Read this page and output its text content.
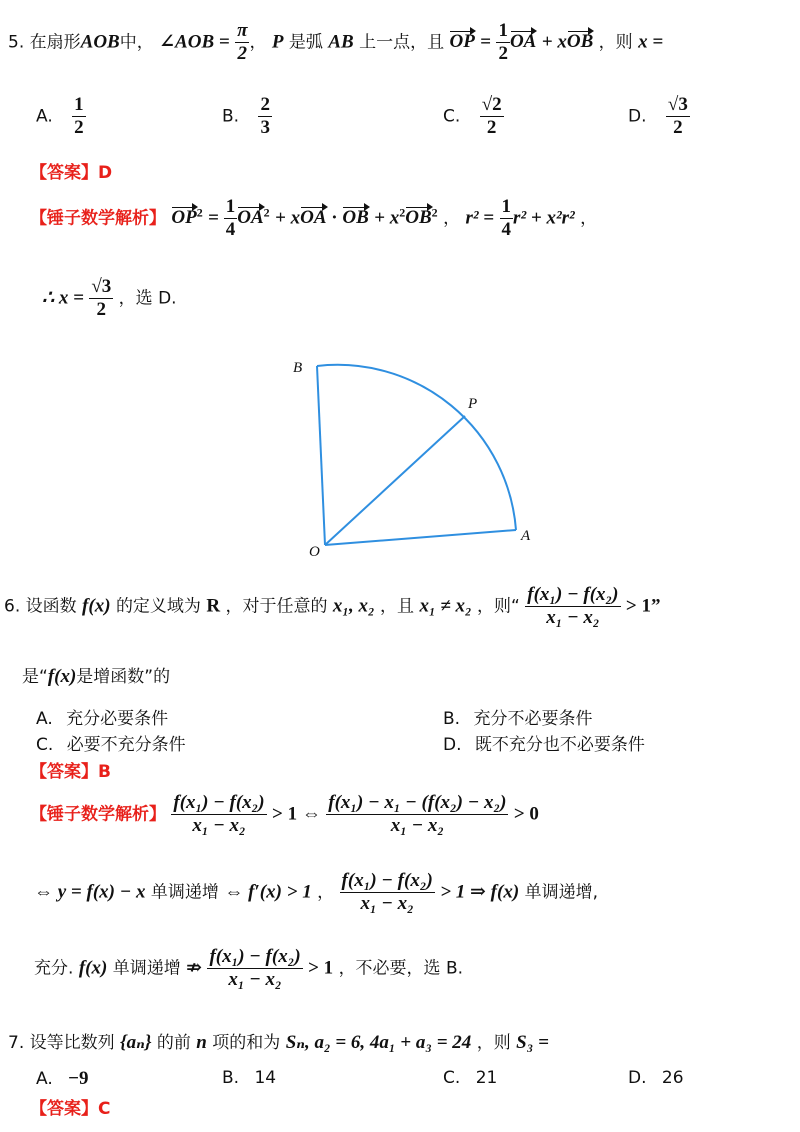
5. 在扇形AOB中， ∠AOB = $\frac{\pi}{2}$ ， P 是弧 AB 上一点，且 OP = $\frac{1}{2}$ OA + xOB ，则 x =
A. $\frac{1}{2}$	B. $\frac{2}{3}$	C. $\frac{√2}{2}$	D. $\frac{√3}{2}$
【答案】D
【锤子数学解析】 $OP^2 = \frac{1}{4} OA^2$ + xOA · OB + $x^2OB^2$ ， $r^2 = \frac{1}{4} r^2 + x^2r^2$ ，
∴ $x = \frac{√3}{2}$ ，选 D.
B
P
O
A
6. 设函数 f(x) 的定义域为 R ，对于任意的 x₁, x₂ ，且 x₁ ≠ x₂ ，则“ $\frac{\text{f(x₁) − f(x₂)}}{\text{x₁ − x₂}} > 1$”
是“f(x)是增函数”的
A. 充分必要条件	B. 充分不必要条件
C. 必要不充分条件	D. 既不充分也不必要条件
【答案】B
【锤子数学解析】 $\frac{\text{f(x₁) − f(x₂)}}{\text{x₁ − x₂}} > 1$ ⇔ $\frac{\text{f(x₁) − x₁ − (f(x₂) − x₂)}}{\text{x₁ − x₂}} > 0$
⇔ y = f(x) − x 单调递增 ⇔ f′(x) > 1 ， $\frac{\text{f(x₁) − f(x₂)}}{\text{x₁ − x₂}} > 1$ ⇒ f(x) 单调递增,
充分. f(x) 单调递增 ⇏ $\frac{\text{f(x₁) − f(x₂)}}{\text{x₁ − x₂}} > 1$ ，不必要，选 B.
7. 设等比数列 {aₙ} 的前 n 项的和为 Sₙ, a₂ = 6, 4a₁ + a₃ = 24 ，则 S₃ =
A. −9	B. 14	C. 21	D. 26
【答案】C
